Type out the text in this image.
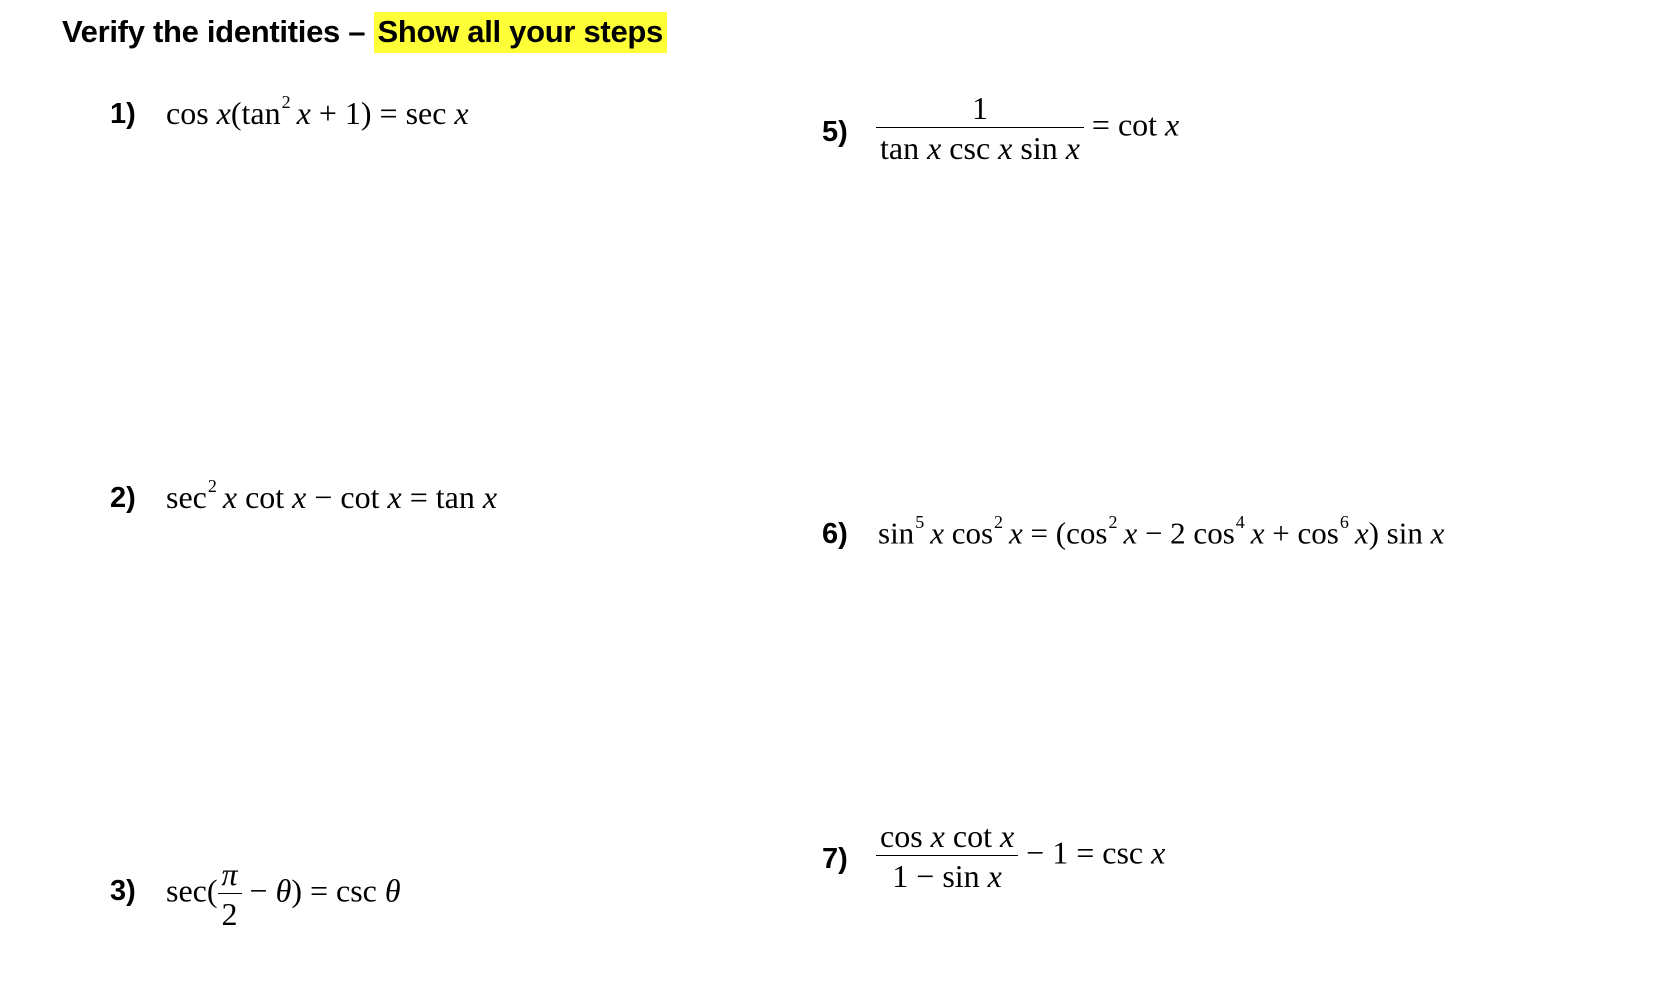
Verify the identities – Show all your steps
1) $\cos x(\tan^2$ x + 1) = sec x
2) $\sec^2 x$ cot x − cot x = tan x
3) $\sec( \frac{\pi}{2} - \theta) = \csc \theta$
$5) \frac{1}{\text{tan x csc x sin x}} = \cot x$
6) $\sin^5 x$ $\cos^2 x = (\cos^2$ x − 2 $\cos^4 x + \cos^6 x$) sin x
$7) \frac{\text{cos x cot x}}{\text{1 − sin x}} - 1 = \csc x$
